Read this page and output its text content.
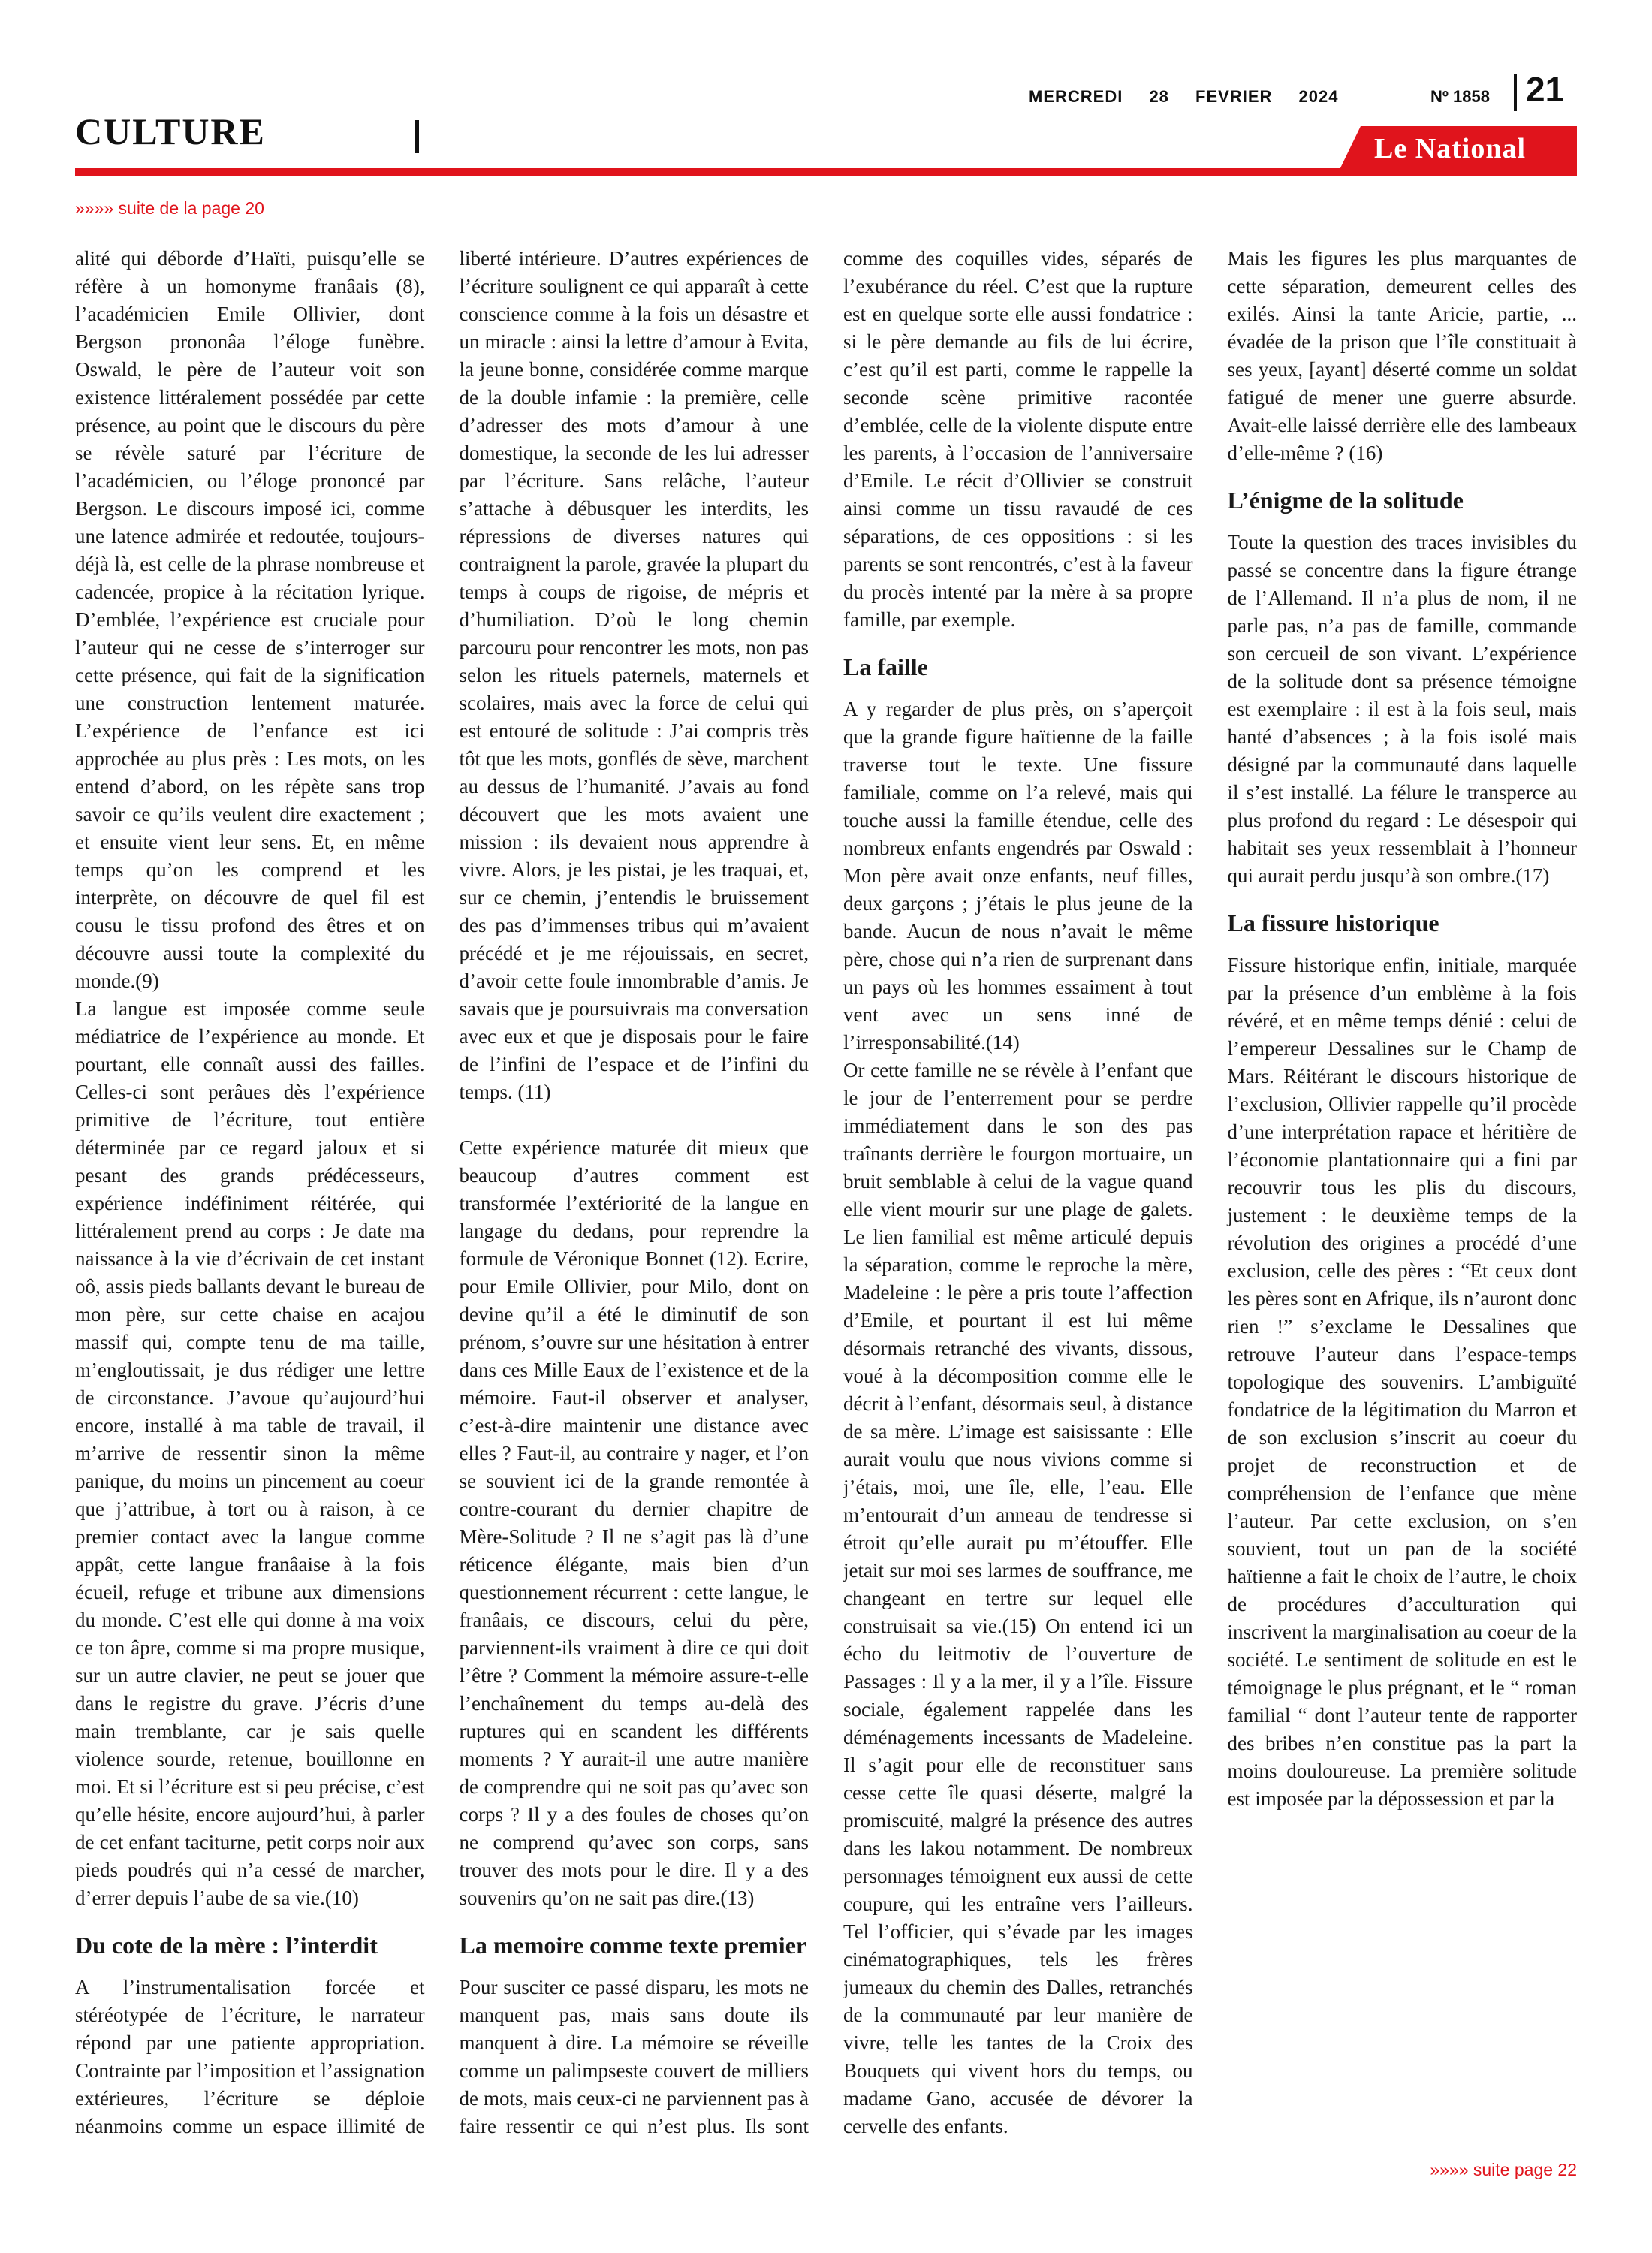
MERCREDI 28 FEVRIER 2024	Nº 1858 21
CULTURE	Le National
»»»» suite de la page 20

alité qui déborde d’Haïti, puisqu’elle se réfère à un homonyme franâais (8), l’académicien Emile Ollivier, dont Bergson prononâa l’éloge funèbre. Oswald, le père de l’auteur voit son existence littéralement possédée par cette présence, au point que le discours du père se révèle saturé par l’écriture de l’académicien, ou l’éloge prononcé par Bergson. Le discours imposé ici, comme une latence admirée et redoutée, toujours-déjà là, est celle de la phrase nombreuse et cadencée, propice à la récitation lyrique. D’emblée, l’expérience est cruciale pour l’auteur qui ne cesse de s’interroger sur cette présence, qui fait de la signification une construction lentement maturée. L’expérience de l’enfance est ici approchée au plus près : Les mots, on les entend d’abord, on les répète sans trop savoir ce qu’ils veulent dire exactement ; et ensuite vient leur sens. Et, en même temps qu’on les comprend et les interprète, on découvre de quel fil est cousu le tissu profond des êtres et on découvre aussi toute la complexité du monde.(9)

La langue est imposée comme seule médiatrice de l’expérience au monde. Et pourtant, elle connaît aussi des failles. Celles-ci sont perâues dès l’expérience primitive de l’écriture, tout entière déterminée par ce regard jaloux et si pesant des grands prédécesseurs, expérience indéfiniment réitérée, qui littéralement prend au corps : Je date ma naissance à la vie d’écrivain de cet instant oô, assis pieds ballants devant le bureau de mon père, sur cette chaise en acajou massif qui, compte tenu de ma taille, m’engloutissait, je dus rédiger une lettre de circonstance. J’avoue qu’aujourd’hui encore, installé à ma table de travail, il m’arrive de ressentir sinon la même panique, du moins un pincement au coeur que j’attribue, à tort ou à raison, à ce premier contact avec la langue comme appât, cette langue franâaise à la fois écueil, refuge et tribune aux dimensions du monde. C’est elle qui donne à ma voix ce ton âpre, comme si ma propre musique, sur un autre clavier, ne peut se jouer que dans le registre du grave. J’écris d’une main tremblante, car je sais quelle violence sourde, retenue, bouillonne en moi. Et si l’écriture est si peu précise, c’est qu’elle hésite, encore aujourd’hui, à parler de cet enfant taciturne, petit corps noir aux pieds poudrés qui n’a cessé de marcher, d’errer depuis l’aube de sa vie.(10)

Du cote de la mère : l’interdit

A l’instrumentalisation forcée et stéréotypée de l’écriture, le narrateur répond par une patiente appropriation. Contrainte par l’imposition et l’assignation extérieures, l’écriture se déploie néanmoins comme un espace illimité de liberté intérieure. D’autres expériences de l’écriture soulignent ce qui apparaît à cette conscience comme à la fois un désastre et un miracle : ainsi la lettre d’amour à Evita, la jeune bonne, considérée comme marque de la double infamie : la première, celle d’adresser des mots d’amour à une domestique, la seconde de les lui adresser par l’écriture. Sans relâche, l’auteur s’attache à débusquer les interdits, les répressions de diverses natures qui contraignent la parole, gravée la plupart du temps à coups de rigoise, de mépris et d’humiliation. D’où le long chemin parcouru pour rencontrer les mots, non pas selon les rituels paternels, maternels et scolaires, mais avec la force de celui qui est entouré de solitude : J’ai compris très tôt que les mots, gonflés de sève, marchent au dessus de l’humanité. J’avais au fond découvert que les mots avaient une mission : ils devaient nous apprendre à vivre. Alors, je les pistai, je les traquai, et, sur ce chemin, j’entendis le bruissement des pas d’immenses tribus qui m’avaient précédé et je me réjouissais, en secret, d’avoir cette foule innombrable d’amis. Je savais que je poursuivrais ma conversation avec eux et que je disposais pour le faire de l’infini de l’espace et de l’infini du temps. (11)

Cette expérience maturée dit mieux que beaucoup d’autres comment est transformée l’extériorité de la langue en langage du dedans, pour reprendre la formule de Véronique Bonnet (12). Ecrire, pour Emile Ollivier, pour Milo, dont on devine qu’il a été le diminutif de son prénom, s’ouvre sur une hésitation à entrer dans ces Mille Eaux de l’existence et de la mémoire. Faut-il observer et analyser, c’est-à-dire maintenir une distance avec elles ? Faut-il, au contraire y nager, et l’on se souvient ici de la grande remontée à contre-courant du dernier chapitre de Mère-Solitude ? Il ne s’agit pas là d’une réticence élégante, mais bien d’un questionnement récurrent : cette langue, le franâais, ce discours, celui du père, parviennent-ils vraiment à dire ce qui doit l’être ? Comment la mémoire assure-t-elle l’enchaînement du temps au-delà des ruptures qui en scandent les différents moments ? Y aurait-il une autre manière de comprendre qui ne soit pas qu’avec son corps ? Il y a des foules de choses qu’on ne comprend qu’avec son corps, sans trouver des mots pour le dire. Il y a des souvenirs qu’on ne sait pas dire.(13)

La memoire comme texte premier

Pour susciter ce passé disparu, les mots ne manquent pas, mais sans doute ils manquent à dire. La mémoire se réveille comme un palimpseste couvert de milliers de mots, mais ceux-ci ne parviennent pas à faire ressentir ce qui n’est plus. Ils sont comme des coquilles vides, séparés de l’exubérance du réel. C’est que la rupture est en quelque sorte elle aussi fondatrice : si le père demande au fils de lui écrire, c’est qu’il est parti, comme le rappelle la seconde scène primitive racontée d’emblée, celle de la violente dispute entre les parents, à l’occasion de l’anniversaire d’Emile. Le récit d’Ollivier se construit ainsi comme un tissu ravaudé de ces séparations, de ces oppositions : si les parents se sont rencontrés, c’est à la faveur du procès intenté par la mère à sa propre famille, par exemple.

La faille

A y regarder de plus près, on s’aperçoit que la grande figure haïtienne de la faille traverse tout le texte. Une fissure familiale, comme on l’a relevé, mais qui touche aussi la famille étendue, celle des nombreux enfants engendrés par Oswald : Mon père avait onze enfants, neuf filles, deux garçons ; j’étais le plus jeune de la bande. Aucun de nous n’avait le même père, chose qui n’a rien de surprenant dans un pays où les hommes essaiment à tout vent avec un sens inné de l’irresponsabilité.(14)

Or cette famille ne se révèle à l’enfant que le jour de l’enterrement pour se perdre immédiatement dans le son des pas traînants derrière le fourgon mortuaire, un bruit semblable à celui de la vague quand elle vient mourir sur une plage de galets. Le lien familial est même articulé depuis la séparation, comme le reproche la mère, Madeleine : le père a pris toute l’affection d’Emile, et pourtant il est lui même désormais retranché des vivants, dissous, voué à la décomposition comme elle le décrit à l’enfant, désormais seul, à distance de sa mère. L’image est saisissante : Elle aurait voulu que nous vivions comme si j’étais, moi, une île, elle, l’eau. Elle m’entourait d’un anneau de tendresse si étroit qu’elle aurait pu m’étouffer. Elle jetait sur moi ses larmes de souffrance, me changeant en tertre sur lequel elle construisait sa vie.(15) On entend ici un écho du leitmotiv de l’ouverture de Passages : Il y a la mer, il y a l’île. Fissure sociale, également rappelée dans les déménagements incessants de Madeleine. Il s’agit pour elle de reconstituer sans cesse cette île quasi déserte, malgré la promiscuité, malgré la présence des autres dans les lakou notamment. De nombreux personnages témoignent eux aussi de cette coupure, qui les entraîne vers l’ailleurs. Tel l’officier, qui s’évade par les images cinématographiques, tels les frères jumeaux du chemin des Dalles, retranchés de la communauté par leur manière de vivre, telle les tantes de la Croix des Bouquets qui vivent hors du temps, ou madame Gano, accusée de dévorer la cervelle des enfants.

Mais les figures les plus marquantes de cette séparation, demeurent celles des exilés. Ainsi la tante Aricie, partie, ... évadée de la prison que l’île constituait à ses yeux, [ayant] déserté comme un soldat fatigué de mener une guerre absurde. Avait-elle laissé derrière elle des lambeaux d’elle-même ? (16)

L’énigme de la solitude

Toute la question des traces invisibles du passé se concentre dans la figure étrange de l’Allemand. Il n’a plus de nom, il ne parle pas, n’a pas de famille, commande son cercueil de son vivant. L’expérience de la solitude dont sa présence témoigne est exemplaire : il est à la fois seul, mais hanté d’absences ; à la fois isolé mais désigné par la communauté dans laquelle il s’est installé. La félure le transperce au plus profond du regard : Le désespoir qui habitait ses yeux ressemblait à l’honneur qui aurait perdu jusqu’à son ombre.(17)

La fissure historique

Fissure historique enfin, initiale, marquée par la présence d’un emblème à la fois révéré, et en même temps dénié : celui de l’empereur Dessalines sur le Champ de Mars. Réitérant le discours historique de l’exclusion, Ollivier rappelle qu’il procède d’une interprétation rapace et héritière de l’économie plantationnaire qui a fini par recouvrir tous les plis du discours, justement : le deuxième temps de la révolution des origines a procédé d’une exclusion, celle des pères : “Et ceux dont les pères sont en Afrique, ils n’auront donc rien !” s’exclame le Dessalines que retrouve l’auteur dans l’espace-temps topologique des souvenirs. L’ambiguïté fondatrice de la légitimation du Marron et de son exclusion s’inscrit au coeur du projet de reconstruction et de compréhension de l’enfance que mène l’auteur. Par cette exclusion, on s’en souvient, tout un pan de la société haïtienne a fait le choix de l’autre, le choix de procédures d’acculturation qui inscrivent la marginalisation au coeur de la société. Le sentiment de solitude en est le témoignage le plus prégnant, et le “ roman familial “ dont l’auteur tente de rapporter des bribes n’en constitue pas la part la moins douloureuse. La première solitude est imposée par la dépossession et par la

»»»» suite page 22
